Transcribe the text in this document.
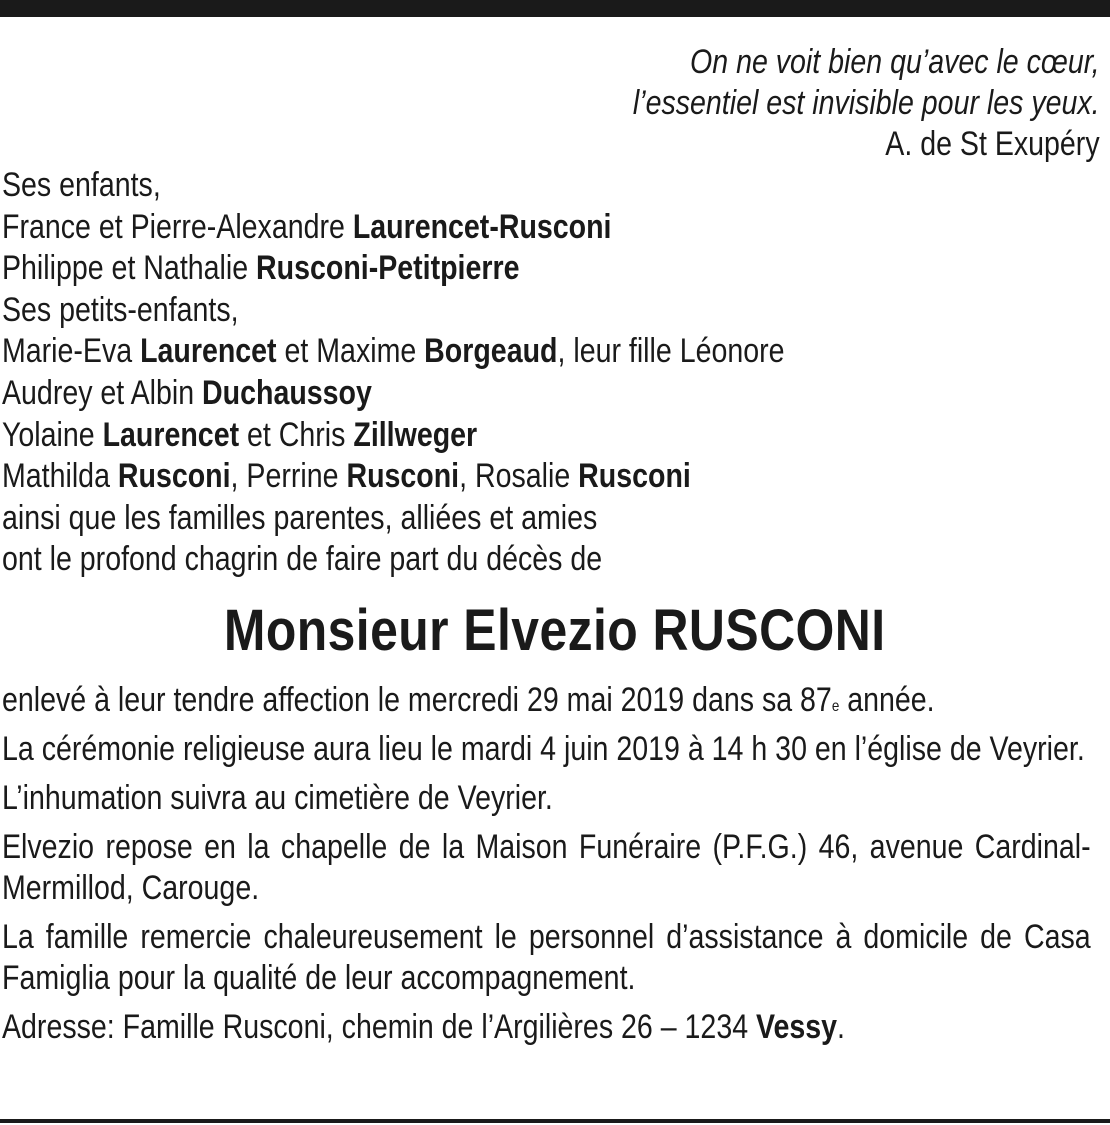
On ne voit bien qu’avec le cœur,
l’essentiel est invisible pour les yeux.
A. de St Exupéry
Ses enfants,
France et Pierre-Alexandre Laurencet-Rusconi
Philippe et Nathalie Rusconi-Petitpierre
Ses petits-enfants,
Marie-Eva Laurencet et Maxime Borgeaud, leur fille Léonore
Audrey et Albin Duchaussoy
Yolaine Laurencet et Chris Zillweger
Mathilda Rusconi, Perrine Rusconi, Rosalie Rusconi
ainsi que les familles parentes, alliées et amies
ont le profond chagrin de faire part du décès de
Monsieur Elvezio RUSCONI
enlevé à leur tendre affection le mercredi 29 mai 2019 dans sa 87e année.
La cérémonie religieuse aura lieu le mardi 4 juin 2019 à 14 h 30 en l’église de Veyrier.
L’inhumation suivra au cimetière de Veyrier.
Elvezio repose en la chapelle de la Maison Funéraire (P.F.G.) 46, avenue Cardinal-Mermillod, Carouge.
La famille remercie chaleureusement le personnel d’assistance à domicile de Casa Famiglia pour la qualité de leur accompagnement.
Adresse: Famille Rusconi, chemin de l’Argilières 26 – 1234 Vessy.
